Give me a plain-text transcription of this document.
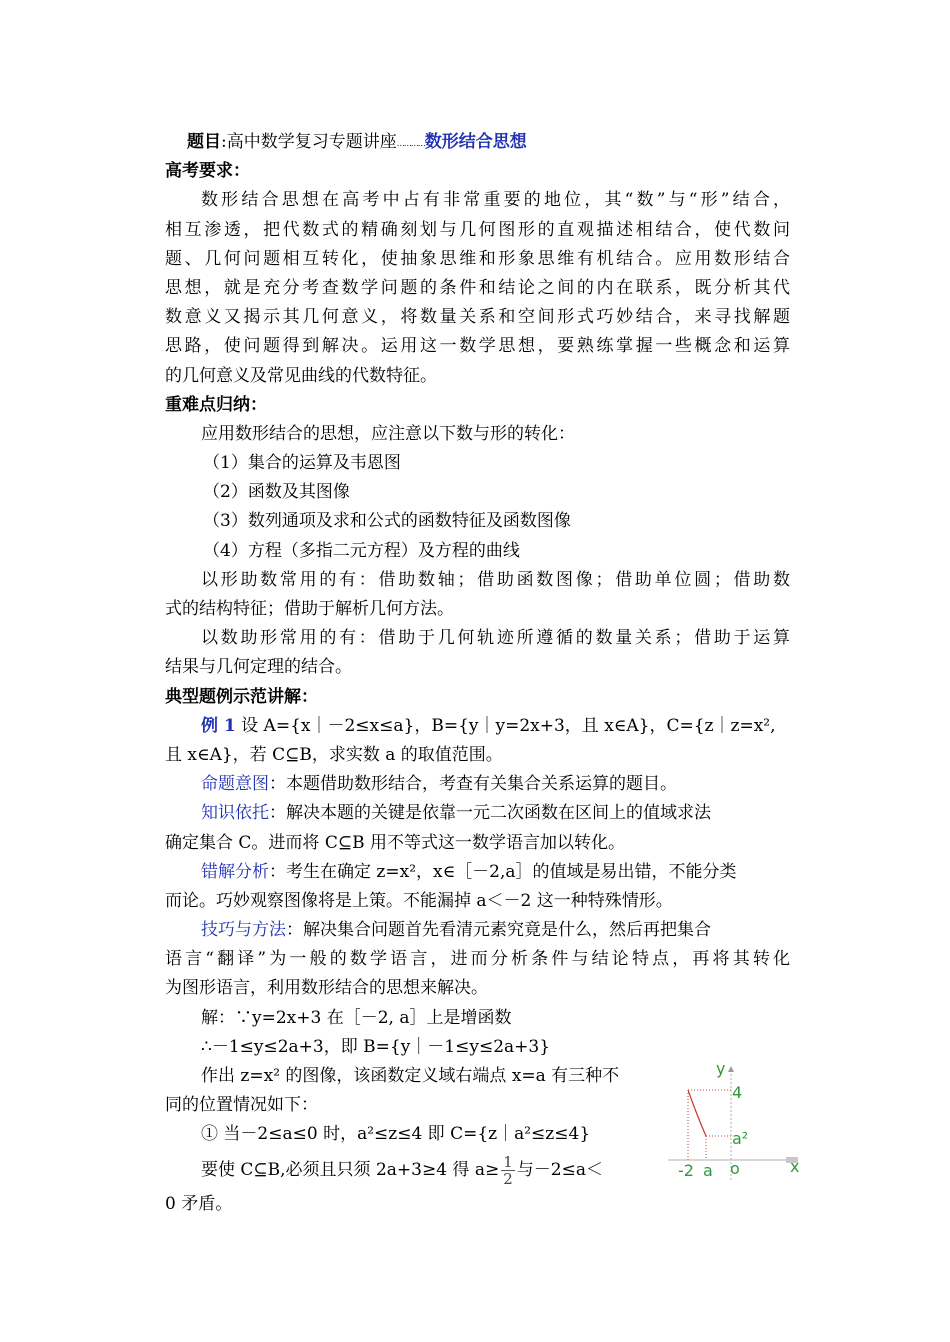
题目:高中数学复习专题讲座…………数形结合思想
高考要求：
数形结合思想在高考中占有非常重要的地位，其“数”与“形”结合，
相互渗透，把代数式的精确刻划与几何图形的直观描述相结合，使代数问
题、几何问题相互转化，使抽象思维和形象思维有机结合。应用数形结合
思想，就是充分考查数学问题的条件和结论之间的内在联系，既分析其代
数意义又揭示其几何意义，将数量关系和空间形式巧妙结合，来寻找解题
思路，使问题得到解决。运用这一数学思想，要熟练掌握一些概念和运算
的几何意义及常见曲线的代数特征。
重难点归纳：
应用数形结合的思想，应注意以下数与形的转化：
（1）集合的运算及韦恩图
（2）函数及其图像
（3）数列通项及求和公式的函数特征及函数图像
（4）方程（多指二元方程）及方程的曲线
以形助数常用的有：借助数轴；借助函数图像；借助单位圆；借助数
式的结构特征；借助于解析几何方法。
以数助形常用的有：借助于几何轨迹所遵循的数量关系；借助于运算
结果与几何定理的结合。
典型题例示范讲解：
例 1 设 A={x｜－2≤x≤a}，B={y｜y=2x+3，且 x∈A}，C={z｜z=x²,
且 x∈A}，若 C⊆B，求实数 a 的取值范围。
命题意图：本题借助数形结合，考查有关集合关系运算的题目。
知识依托：解决本题的关键是依靠一元二次函数在区间上的值域求法
确定集合 C。进而将 C⊆B 用不等式这一数学语言加以转化。
错解分析：考生在确定 z=x²，x∈［－2,a］的值域是易出错，不能分类
而论。巧妙观察图像将是上策。不能漏掉 a＜－2 这一种特殊情形。
技巧与方法：解决集合问题首先看清元素究竟是什么，然后再把集合
语言“翻译”为一般的数学语言，进而分析条件与结论特点，再将其转化
为图形语言，利用数形结合的思想来解决。
解：∵y=2x+3 在［－2, a］上是增函数
∴－1≤y≤2a+3，即 B={y｜－1≤y≤2a+3}
作出 z=x² 的图像，该函数定义域右端点 x=a 有三种不
同的位置情况如下：
① 当－2≤a≤0 时，a²≤z≤4 即 C={z｜a²≤z≤4}
要使 C⊆B,必须且只须 2a+3≥4 得 $a\ge \frac{1}{2}$ 与－2≤a＜
0 矛盾。
y
4
a²
-2 a o	x
